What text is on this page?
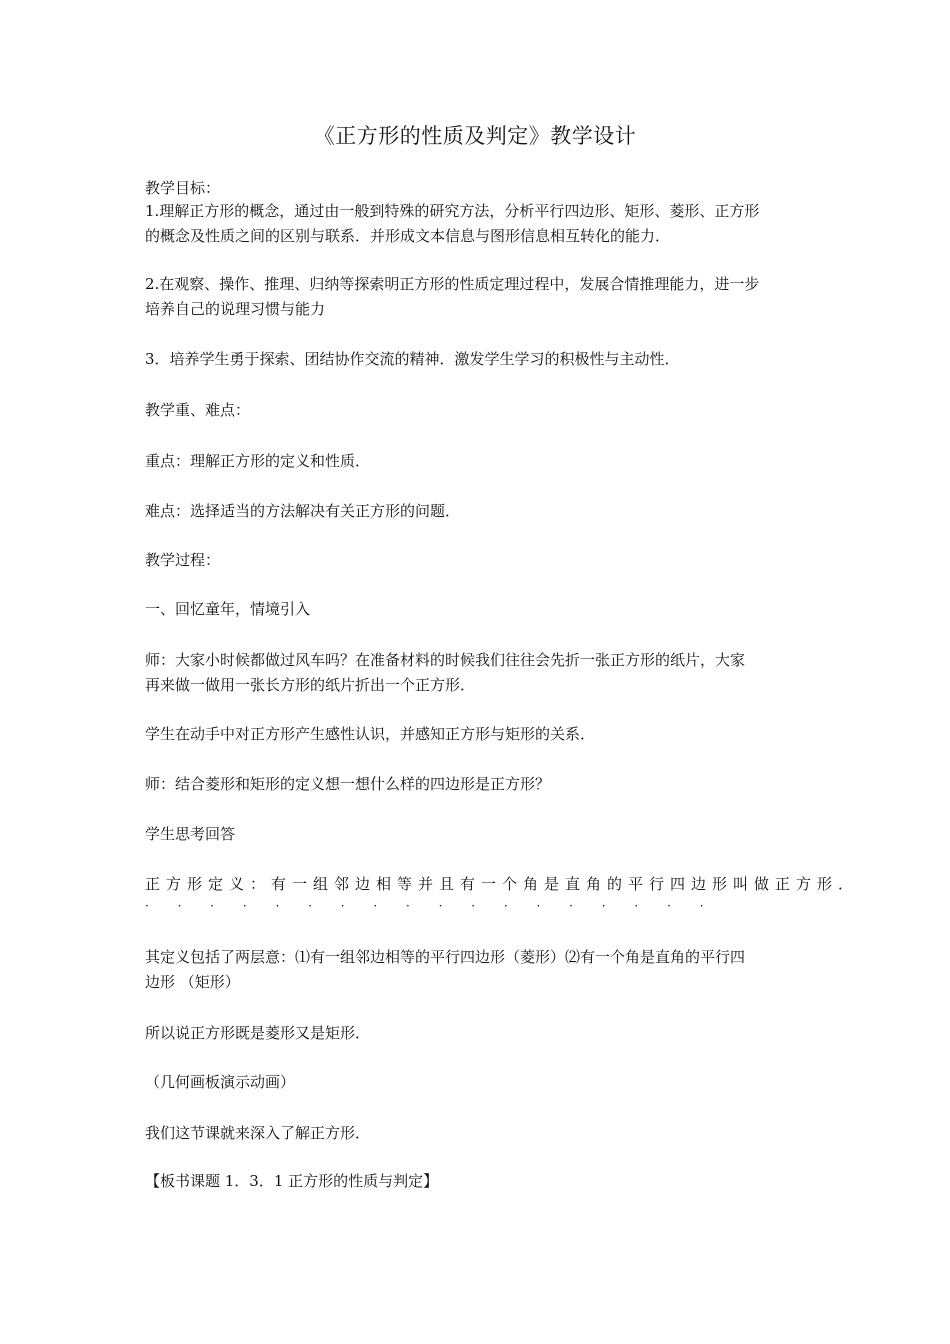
《正方形的性质及判定》教学设计
教学目标：
1.理解正方形的概念，通过由一般到特殊的研究方法，分析平行四边形、矩形、菱形、正方形
的概念及性质之间的区别与联系．并形成文本信息与图形信息相互转化的能力．
2.在观察、操作、推理、归纳等探索明正方形的性质定理过程中，发展合情推理能力，进一步
培养自己的说理习惯与能力
3．培养学生勇于探索、团结协作交流的精神．激发学生学习的积极性与主动性．
教学重、难点：
重点：理解正方形的定义和性质．
难点：选择适当的方法解决有关正方形的问题．
教学过程：
一、回忆童年，情境引入
师：大家小时候都做过风车吗？在准备材料的时候我们往往会先折一张正方形的纸片，大家
再来做一做用一张长方形的纸片折出一个正方形．
学生在动手中对正方形产生感性认识，并感知正方形与矩形的关系．
师：结合菱形和矩形的定义想一想什么样的四边形是正方形？
学生思考回答
正方形定义：有一组邻边相等并且有一个角是直角的平行四边形叫做正方形．
· · · · · · · · · · · · · · · · · ·
其定义包括了两层意：⑴有一组邻边相等的平行四边形（菱形）⑵有一个角是直角的平行四
边形 （矩形）
所以说正方形既是菱形又是矩形．
（几何画板演示动画）
我们这节课就来深入了解正方形．
【板书课题 1．3．1 正方形的性质与判定】
